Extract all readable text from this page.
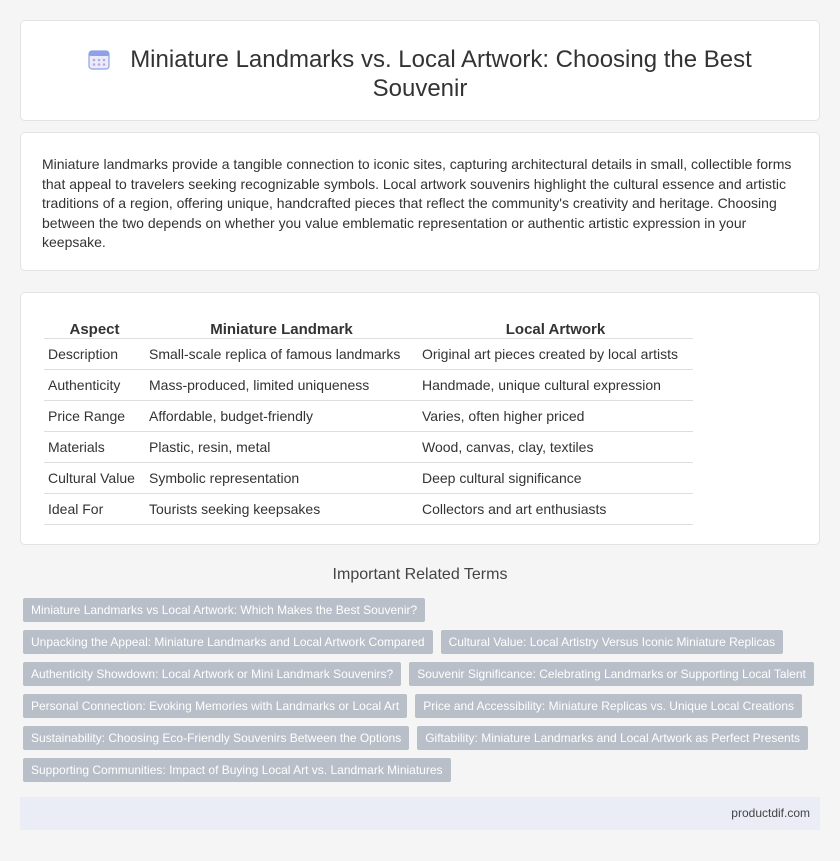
Miniature Landmarks vs. Local Artwork: Choosing the Best
Souvenir

Miniature landmarks provide a tangible connection to iconic sites, capturing architectural details in small, collectible forms that appeal to travelers seeking recognizable symbols. Local artwork souvenirs highlight the cultural essence and artistic traditions of a region, offering unique, handcrafted pieces that reflect the community's creativity and heritage. Choosing between the two depends on whether you value emblematic representation or authentic artistic expression in your keepsake.

Aspect	Miniature Landmark	Local Artwork
Description	Small-scale replica of famous landmarks	Original art pieces created by local artists
Authenticity	Mass-produced, limited uniqueness	Handmade, unique cultural expression
Price Range	Affordable, budget-friendly	Varies, often higher priced
Materials	Plastic, resin, metal	Wood, canvas, clay, textiles
Cultural Value	Symbolic representation	Deep cultural significance
Ideal For	Tourists seeking keepsakes	Collectors and art enthusiasts
Important Related Terms
Miniature Landmarks vs Local Artwork: Which Makes the Best Souvenir?
Unpacking the Appeal: Miniature Landmarks and Local Artwork Compared Cultural Value: Local Artistry Versus Iconic Miniature Replicas
Authenticity Showdown: Local Artwork or Mini Landmark Souvenirs? Souvenir Significance: Celebrating Landmarks or Supporting Local Talent
Personal Connection: Evoking Memories with Landmarks or Local Art Price and Accessibility: Miniature Replicas vs. Unique Local Creations
Sustainability: Choosing Eco-Friendly Souvenirs Between the Options Giftability: Miniature Landmarks and Local Artwork as Perfect Presents
Supporting Communities: Impact of Buying Local Art vs. Landmark Miniatures
productdif.com
